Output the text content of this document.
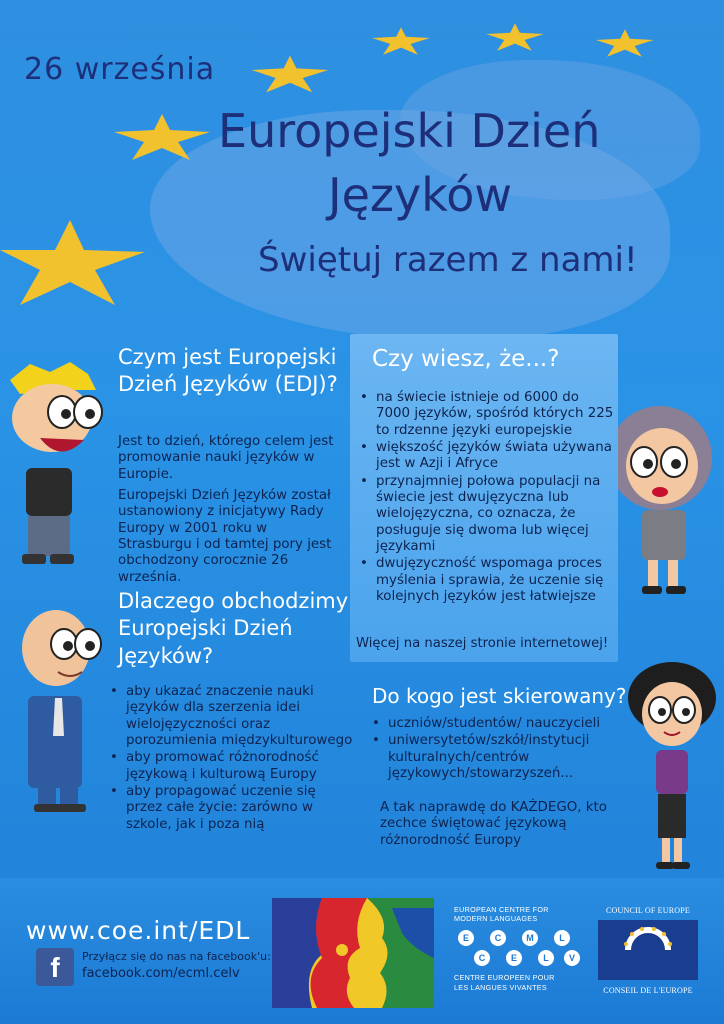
26 września
Europejski Dzień
Języków
Świętuj razem z nami!
Czym jest Europejski Dzień Języków (EDJ)?
Jest to dzień, którego celem jest promowanie nauki języków w Europie.
Europejski Dzień Języków został ustanowiony z inicjatywy Rady Europy w 2001 roku w Strasburgu i od tamtej pory jest obchodzony corocznie 26 września.
Dlaczego obchodzimy Europejski Dzień Języków?
• aby ukazać znaczenie nauki języków dla szerzenia idei wielojęzyczności oraz porozumienia międzykulturowego
• aby promować różnorodność językową i kulturową Europy
• aby propagować uczenie się przez całe życie: zarówno w szkole, jak i poza nią
Czy wiesz, że...?
• na świecie istnieje od 6000 do 7000 języków, spośród których 225 to rdzenne języki europejskie
• większość języków świata używana jest w Azji i Afryce
• przynajmniej połowa populacji na świecie jest dwujęzyczna lub wielojęzyczna, co oznacza, że posługuje się dwoma lub więcej językami
• dwujęzyczność wspomaga proces myślenia i sprawia, że uczenie się kolejnych języków jest łatwiejsze
Więcej na naszej stronie internetowej!
Do kogo jest skierowany?
• uczniów/studentów/ nauczycieli
• uniwersytetów/szkół/instytucji kulturalnych/centrów językowych/stowarzyszeń...
A tak naprawdę do KAŻDEGO, kto zechce świętować językową różnorodność Europy
www.coe.int/EDL
f	Przyłącz się do nas na facebook'u:
facebook.com/ecml.celv
EUROPEAN CENTRE FOR
MODERN LANGUAGES
E	C	M	L
C	E	L	V
CENTRE EUROPEEN POUR
LES LANGUES VIVANTES
COUNCIL OF EUROPE
CONSEIL DE L'EUROPE
